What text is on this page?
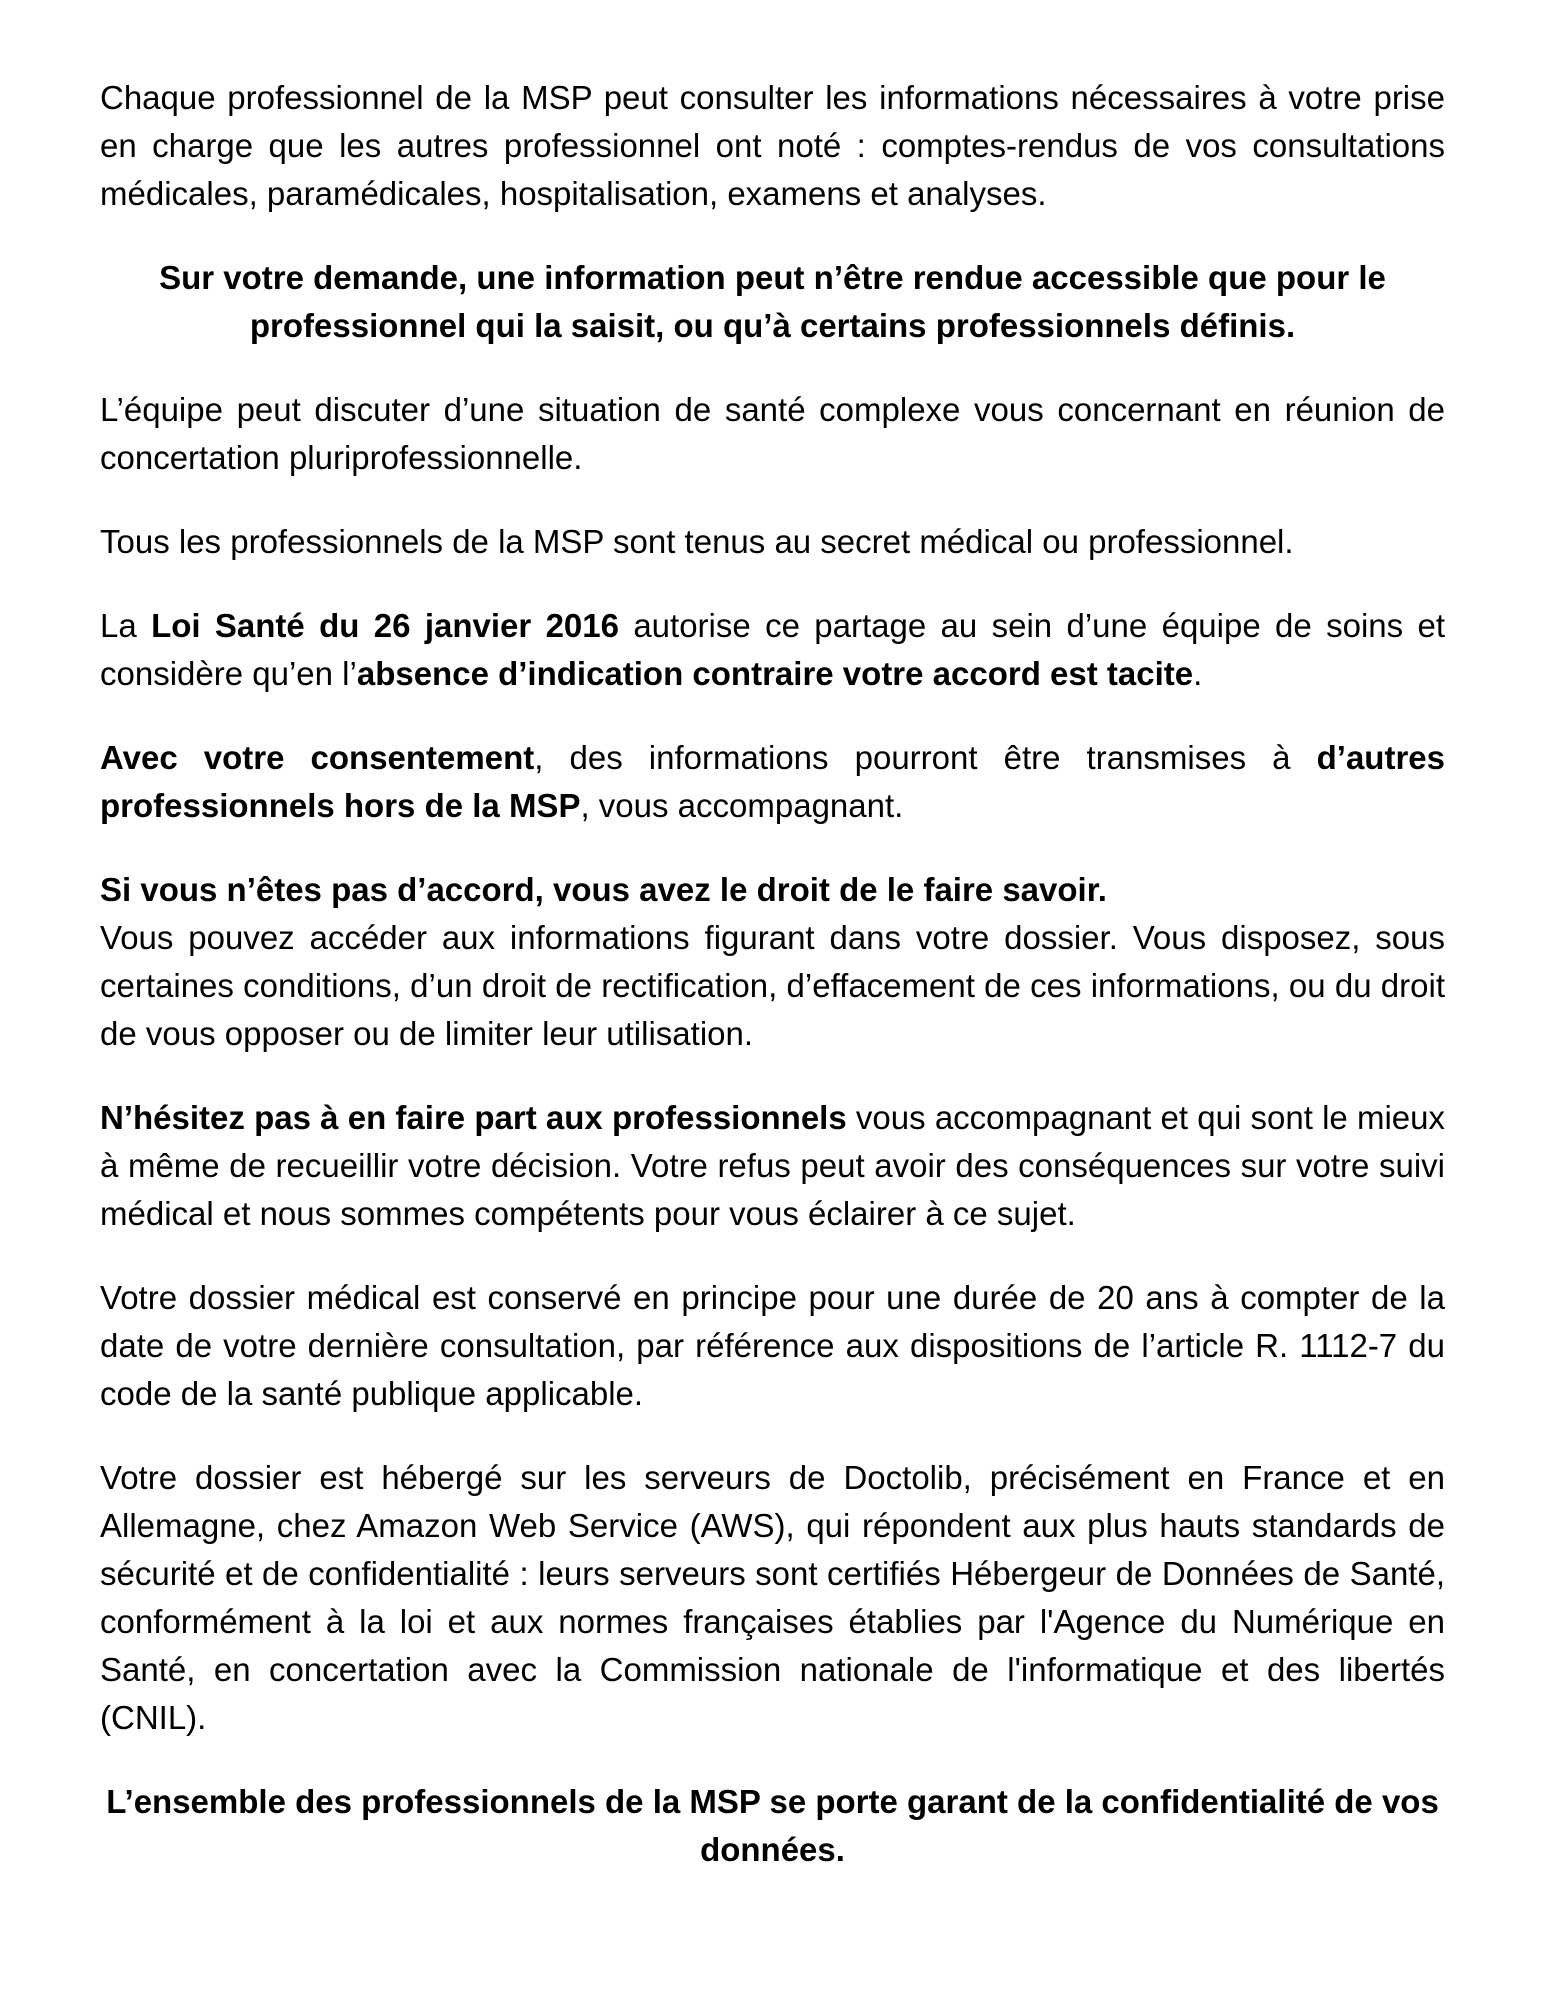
Chaque professionnel de la MSP peut consulter les informations nécessaires à votre prise en charge que les autres professionnel ont noté : comptes-rendus de vos consultations médicales, paramédicales, hospitalisation, examens et analyses.

Sur votre demande, une information peut n’être rendue accessible que pour le professionnel qui la saisit, ou qu’à certains professionnels définis.

L’équipe peut discuter d’une situation de santé complexe vous concernant en réunion de concertation pluriprofessionnelle.

Tous les professionnels de la MSP sont tenus au secret médical ou professionnel.

La Loi Santé du 26 janvier 2016 autorise ce partage au sein d’une équipe de soins et considère qu’en l’absence d’indication contraire votre accord est tacite.

Avec votre consentement, des informations pourront être transmises à d’autres professionnels hors de la MSP, vous accompagnant.

Si vous n’êtes pas d’accord, vous avez le droit de le faire savoir.
Vous pouvez accéder aux informations figurant dans votre dossier. Vous disposez, sous certaines conditions, d’un droit de rectification, d’effacement de ces informations, ou du droit de vous opposer ou de limiter leur utilisation.

N’hésitez pas à en faire part aux professionnels vous accompagnant et qui sont le mieux à même de recueillir votre décision. Votre refus peut avoir des conséquences sur votre suivi médical et nous sommes compétents pour vous éclairer à ce sujet.

Votre dossier médical est conservé en principe pour une durée de 20 ans à compter de la date de votre dernière consultation, par référence aux dispositions de l’article R. 1112-7 du code de la santé publique applicable.

Votre dossier est hébergé sur les serveurs de Doctolib, précisément en France et en Allemagne, chez Amazon Web Service (AWS), qui répondent aux plus hauts standards de sécurité et de confidentialité : leurs serveurs sont certifiés Hébergeur de Données de Santé, conformément à la loi et aux normes françaises établies par l'Agence du Numérique en Santé, en concertation avec la Commission nationale de l'informatique et des libertés (CNIL).

L’ensemble des professionnels de la MSP se porte garant de la confidentialité de vos données.
